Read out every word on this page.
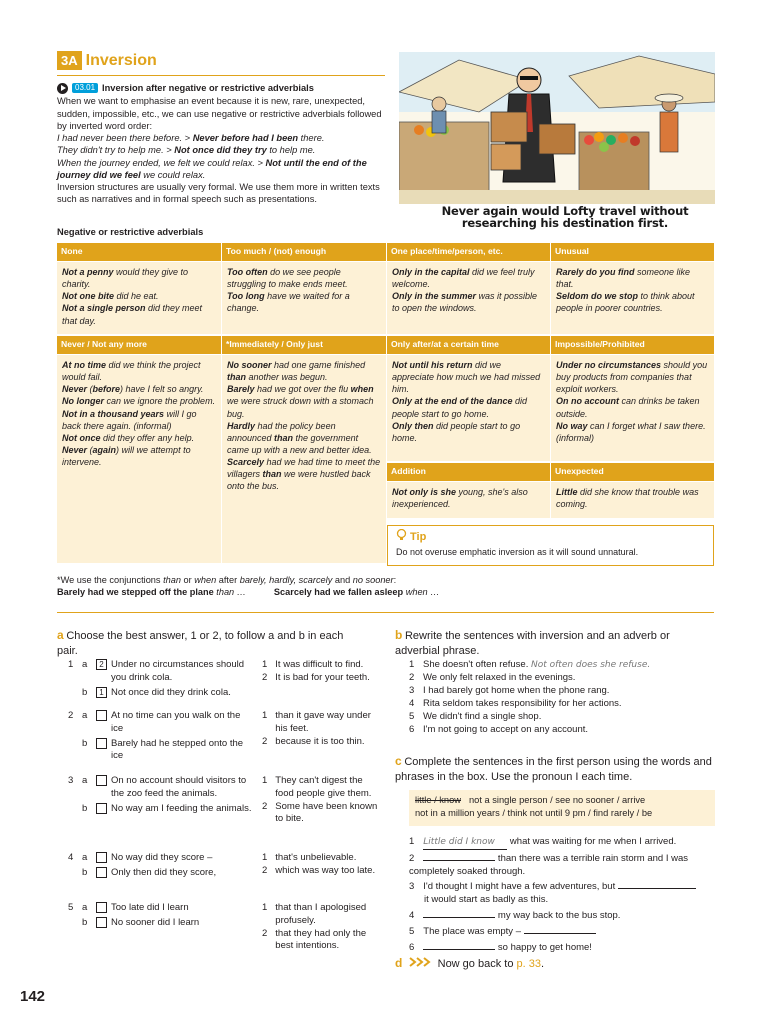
3A Inversion
03.01 Inversion after negative or restrictive adverbials

When we want to emphasise an event because it is new, rare, unexpected, sudden, impossible, etc., we can use negative or restrictive adverbials followed by inverted word order:

I had never been there before. > Never before had I been there.

They didn't try to help me. > Not once did they try to help me.

When the journey ended, we felt we could relax. > Not until the end of the journey did we feel we could relax.

Inversion structures are usually very formal. We use them more in written texts such as narratives and in formal speech such as presentations.

Negative or restrictive adverbials
Never again would Lofty travel without researching his destination first.
None	Too much / (not) enough	One place/time/person, etc.	Unusual
Not a penny would they give to charity.
Not one bite did he eat.
Not a single person did they meet that day.
Too often do we see people struggling to make ends meet.
Too long have we waited for a change.
Only in the capital did we feel truly welcome.
Only in the summer was it possible to open the windows.
Rarely do you find someone like that.
Seldom do we stop to think about people in poorer countries.
Never / Not any more	*Immediately / Only just	Only after/at a certain time	Impossible/Prohibited
At no time did we think the project would fail.
Never (before) have I felt so angry.
No longer can we ignore the problem.
Not in a thousand years will I go back there again. (informal)
Not once did they offer any help.
Never (again) will we attempt to intervene.
No sooner had one game finished than another was begun.
Barely had we got over the flu when we were struck down with a stomach bug.
Hardly had the policy been announced than the government came up with a new and better idea.
Scarcely had we had time to meet the villagers than we were hustled back onto the bus.
Not until his return did we appreciate how much we had missed him.
Only at the end of the dance did people start to go home.
Only then did people start to go home.
Under no circumstances should you buy products from companies that exploit workers.
On no account can drinks be taken outside.
No way can I forget what I saw there. (informal)
Addition	Unexpected
Not only is she young, she's also inexperienced.
Little did she know that trouble was coming.
Tip
Do not overuse emphatic inversion as it will sound unnatural.
*We use the conjunctions than or when after barely, hardly, scarcely and no sooner:
Barely had we stepped off the plane than …	Scarcely had we fallen asleep when …
a Choose the best answer, 1 or 2, to follow a and b in each pair.
1 a	2 Under no circumstances should you drink cola.
b	1 Not once did they drink cola.
1 It was difficult to find.
2 It is bad for your teeth.
2 a	At no time can you walk on the ice
b	Barely had he stepped onto the ice
1 than it gave way under his feet.
2 because it is too thin.
3 a	On no account should visitors to the zoo feed the animals.
b	No way am I feeding the animals.
1 They can't digest the food people give them.
2 Some have been known to bite.
4 a	No way did they score –
b	Only then did they score,
1 that's unbelievable.
2 which was way too late.
5 a	Too late did I learn
b	No sooner did I learn
1 that than I apologised profusely.
2 that they had only the best intentions.
b Rewrite the sentences with inversion and an adverb or adverbial phrase.
1 She doesn't often refuse. Not often does she refuse.
2 We only felt relaxed in the evenings.
3 I had barely got home when the phone rang.
4 Rita seldom takes responsibility for her actions.
5 We didn't find a single shop.
6 I'm not going to accept on any account.
c Complete the sentences in the first person using the words and phrases in the box. Use the pronoun I each time.
little / know not a single person / see no sooner / arrive
not in a million years / think not until 9 pm / find rarely / be
1 Little did I know what was waiting for me when I arrived.
2	than there was a terrible rain storm and I was completely soaked through.
3 I'd thought I might have a few adventures, but
it would start as badly as this.
4	my way back to the bus stop.
5 The place was empty –
6	so happy to get home!
d	Now go back to p. 33.
142
